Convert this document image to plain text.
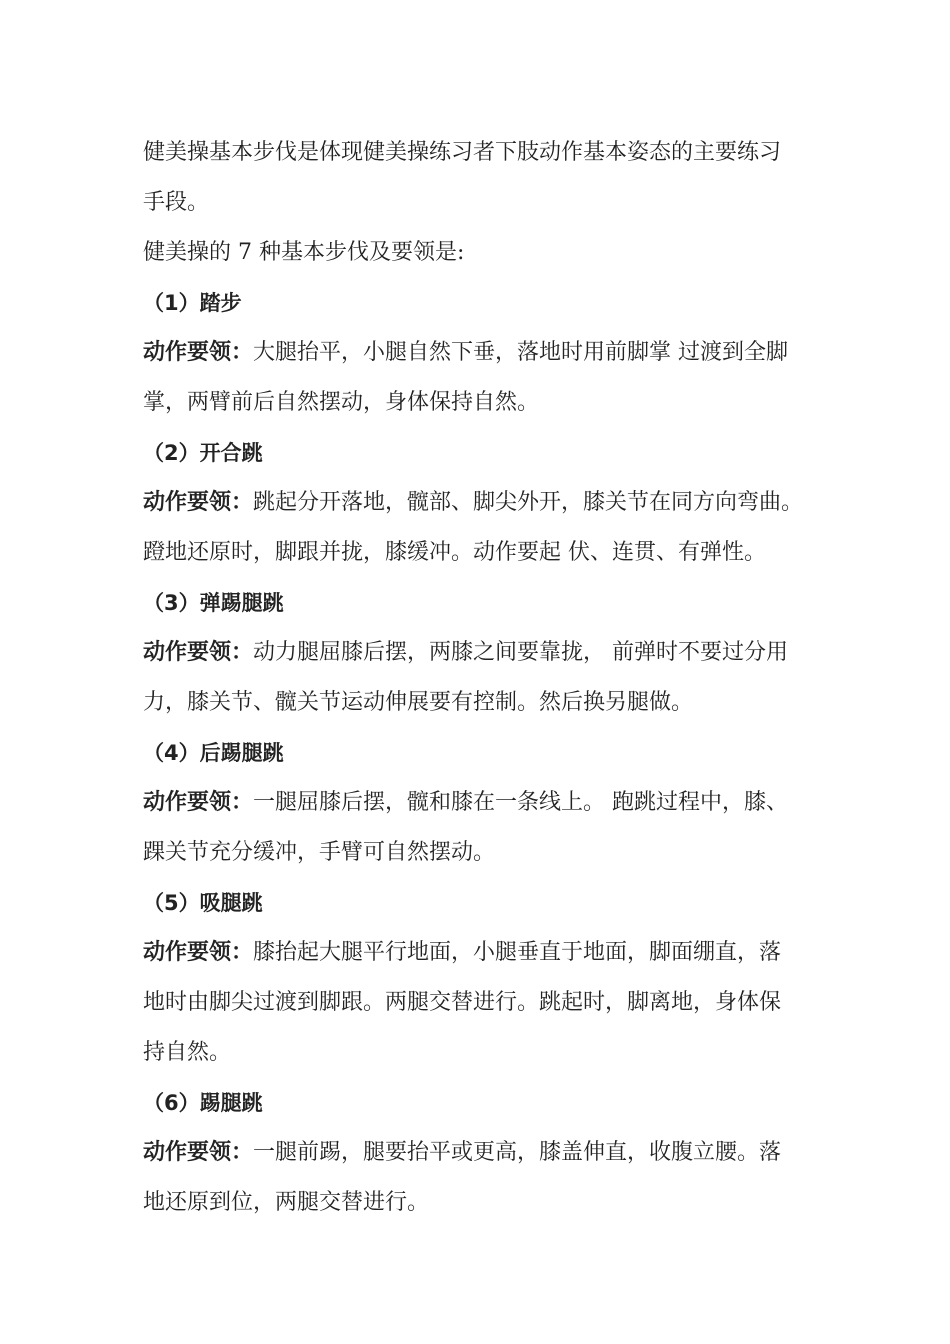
健美操基本步伐是体现健美操练习者下肢动作基本姿态的主要练习
手段。
健美操的 7 种基本步伐及要领是:
（1）踏步
动作要领：大腿抬平，小腿自然下垂，落地时用前脚掌 过渡到全脚
掌，两臂前后自然摆动，身体保持自然。
（2）开合跳
动作要领：跳起分开落地，髋部、脚尖外开，膝关节在同方向弯曲。
蹬地还原时，脚跟并拢，膝缓冲。动作要起 伏、连贯、有弹性。
（3）弹踢腿跳
动作要领：动力腿屈膝后摆，两膝之间要靠拢， 前弹时不要过分用
力，膝关节、髋关节运动伸展要有控制。然后换另腿做。
（4）后踢腿跳
动作要领：一腿屈膝后摆，髋和膝在一条线上。 跑跳过程中，膝、
踝关节充分缓冲，手臂可自然摆动。
（5）吸腿跳
动作要领：膝抬起大腿平行地面，小腿垂直于地面，脚面绷直，落
地时由脚尖过渡到脚跟。两腿交替进行。跳起时，脚离地，身体保
持自然。
（6）踢腿跳
动作要领：一腿前踢，腿要抬平或更高，膝盖伸直，收腹立腰。落
地还原到位，两腿交替进行。
